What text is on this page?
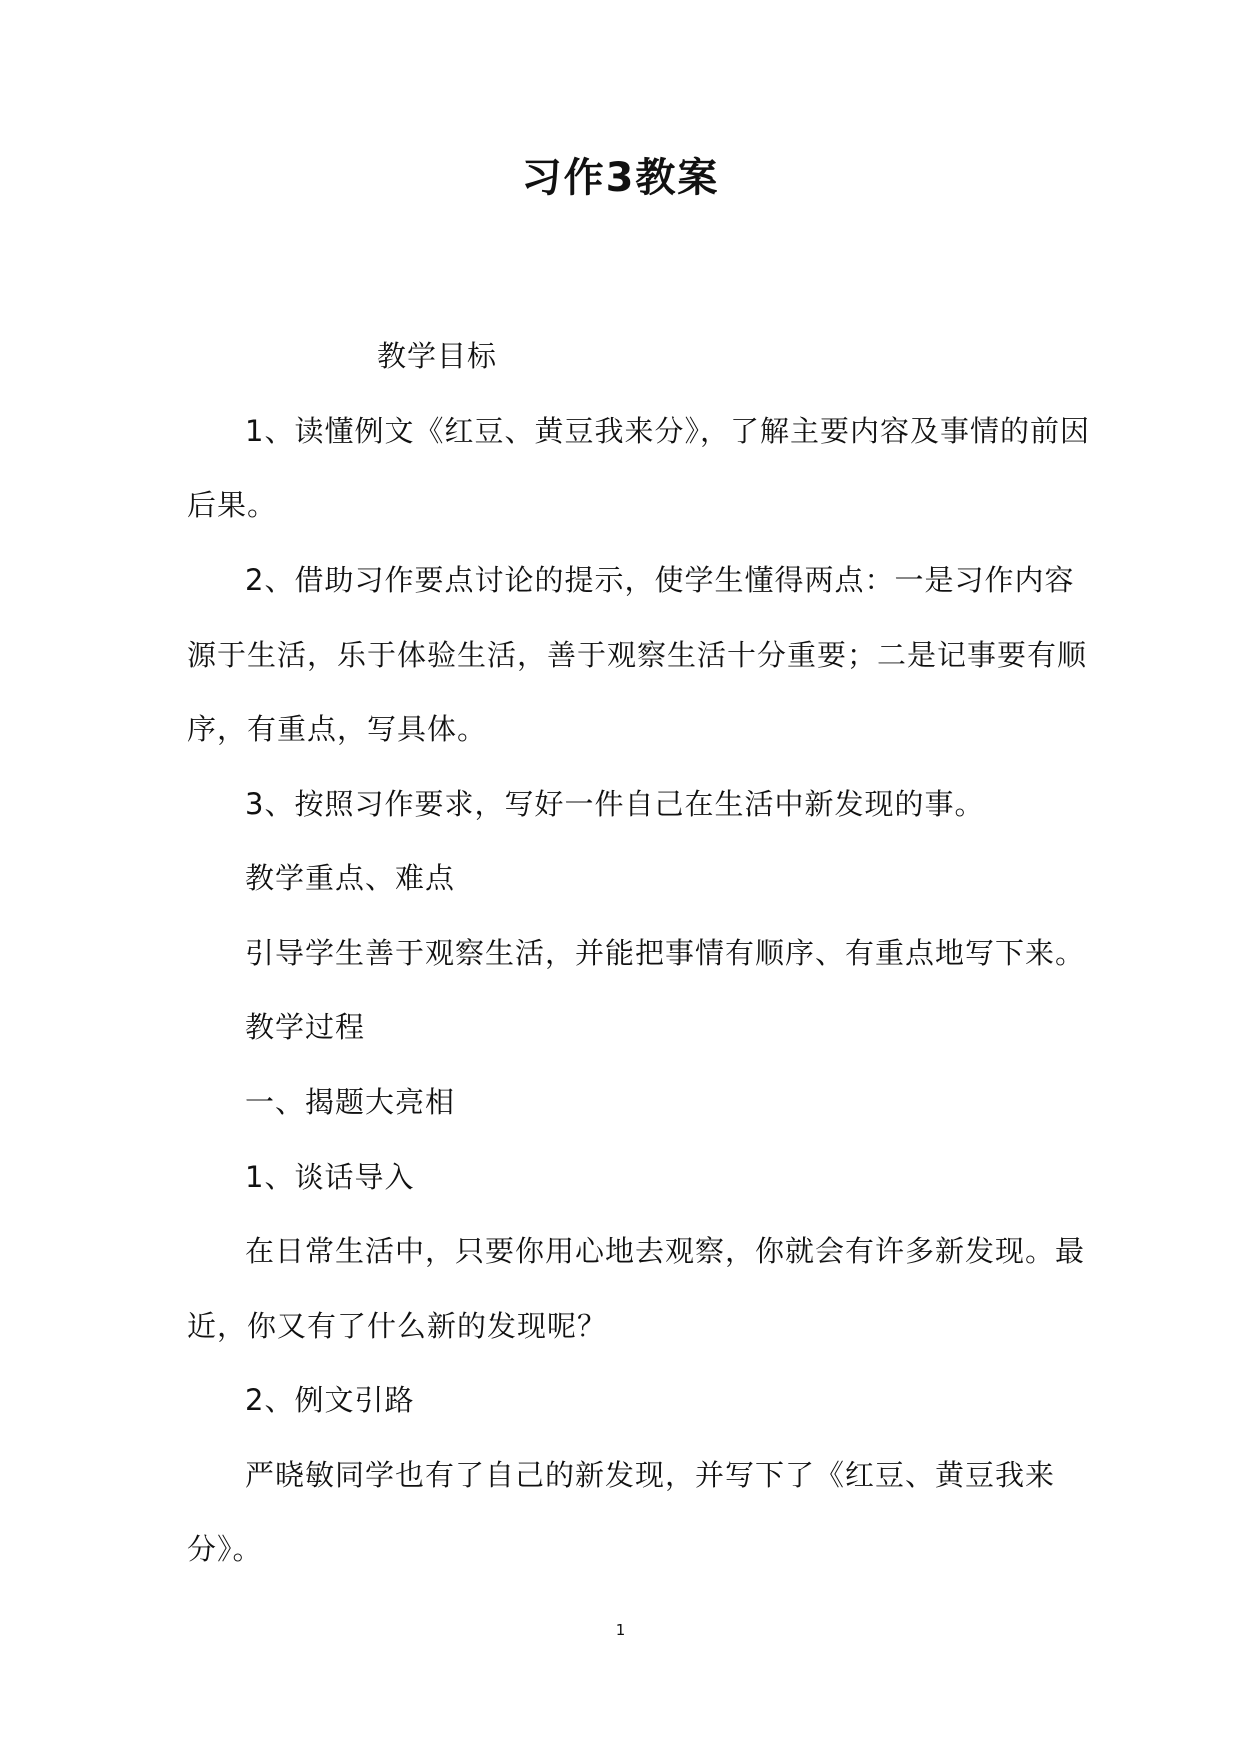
习作3教案
教学目标
1、读懂例文《红豆、黄豆我来分》，了解主要内容及事情的前因
后果。
2、借助习作要点讨论的提示，使学生懂得两点：一是习作内容
源于生活，乐于体验生活，善于观察生活十分重要；二是记事要有顺
序，有重点，写具体。
3、按照习作要求，写好一件自己在生活中新发现的事。
教学重点、难点
引导学生善于观察生活，并能把事情有顺序、有重点地写下来。
教学过程
一、揭题大亮相
1、谈话导入
在日常生活中，只要你用心地去观察，你就会有许多新发现。最
近，你又有了什么新的发现呢？
2、例文引路
严晓敏同学也有了自己的新发现，并写下了《红豆、黄豆我来
分》。
1
